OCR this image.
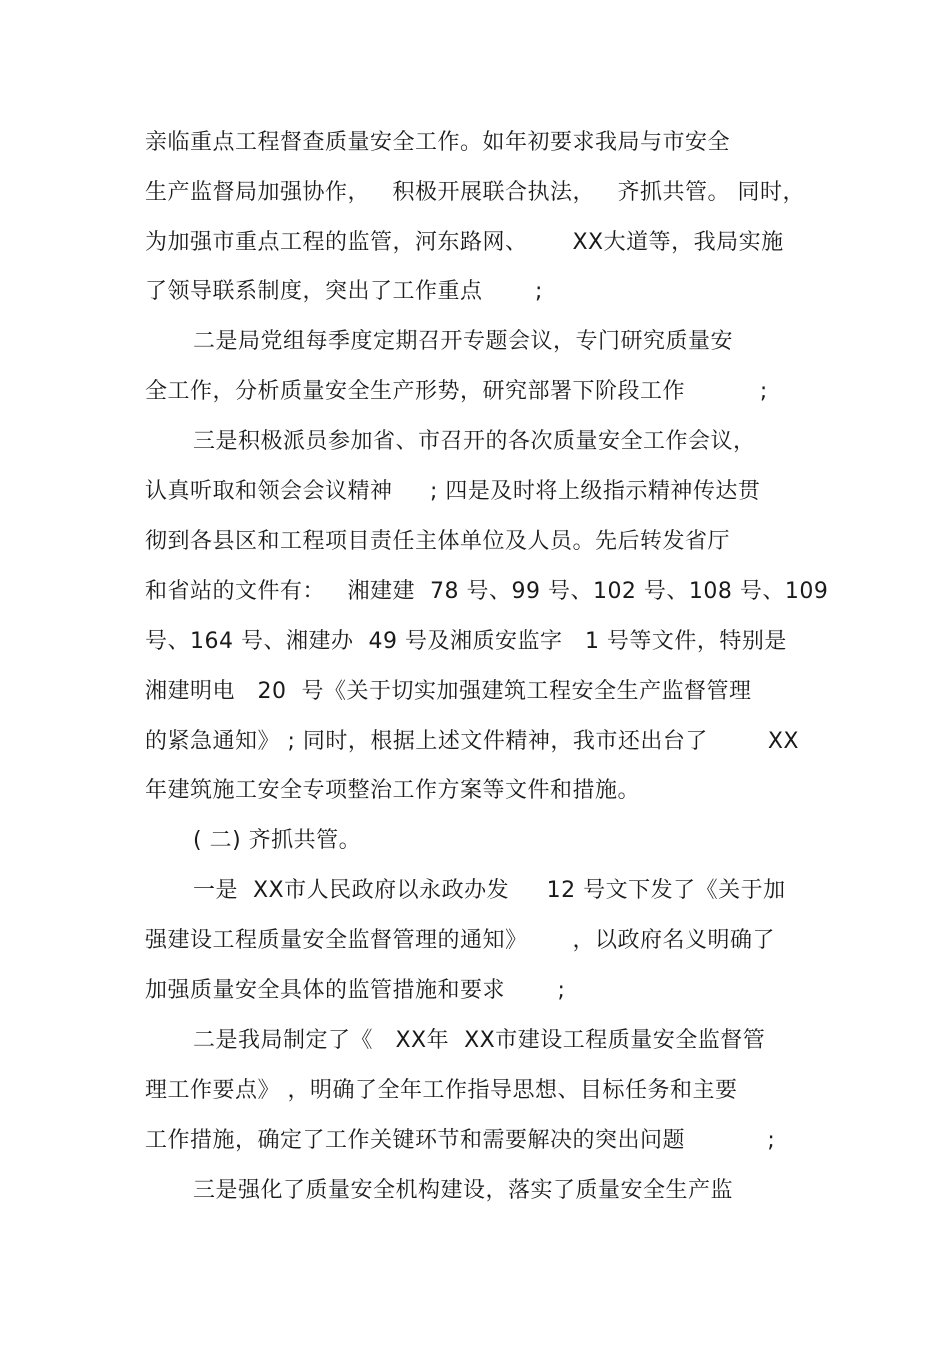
亲临重点工程督查质量安全工作。如年初要求我局与市安全
生产监督局加强协作，   积极开展联合执法，   齐抓共管。 同时，
为加强市重点工程的监管，河东路网、      XX大道等，我局实施
了领导联系制度，突出了工作重点       ;
二是局党组每季度定期召开专题会议，专门研究质量安
全工作，分析质量安全生产形势，研究部署下阶段工作          ;
三是积极派员参加省、市召开的各次质量安全工作会议，
认真听取和领会会议精神     ; 四是及时将上级指示精神传达贯
彻到各县区和工程项目责任主体单位及人员。先后转发省厅
和省站的文件有：   湘建建  78 号、99 号、102 号、108 号、109
号、164 号、湘建办  49 号及湘质安监字   1 号等文件，特别是
湘建明电   20  号《关于切实加强建筑工程安全生产监督管理
的紧急通知》 ; 同时，根据上述文件精神，我市还出台了        XX
年建筑施工安全专项整治工作方案等文件和措施。
( 二) 齐抓共管。
一是  XX市人民政府以永政办发     12 号文下发了《关于加
强建设工程质量安全监督管理的通知》      ，以政府名义明确了
加强质量安全具体的监管措施和要求       ;
二是我局制定了《   XX年  XX市建设工程质量安全监督管
理工作要点》 ，明确了全年工作指导思想、目标任务和主要
工作措施，确定了工作关键环节和需要解决的突出问题           ;
三是强化了质量安全机构建设，落实了质量安全生产监
